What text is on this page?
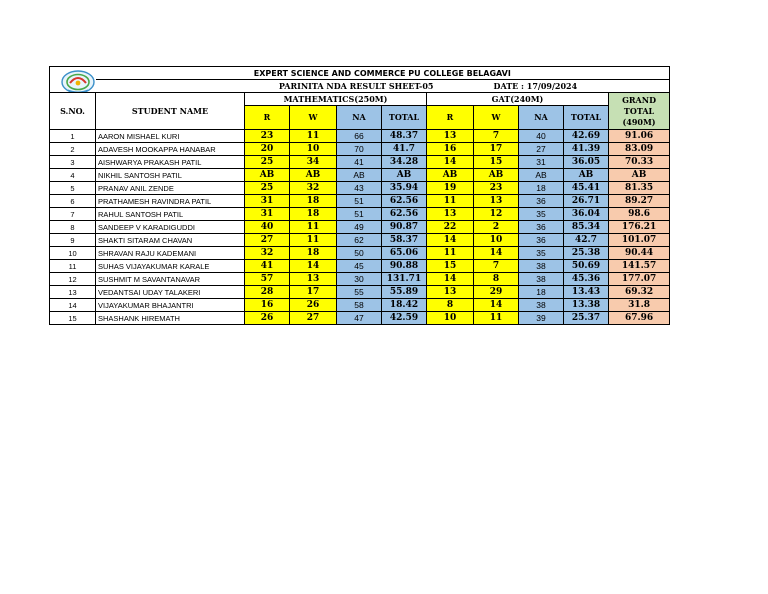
	EXPERT SCIENCE AND COMMERCE PU COLLEGE BELAGAVI									
	PARINITA NDA RESULT SHEET-05						DATE : 17/09/2024			
S.NO.	STUDENT NAME	MATHEMATICS(250M)				GAT(240M)				GRAND TOTAL (490M)
		R	W	NA	TOTAL	R	W	NA	TOTAL	
1	AARON MISHAEL KURI	23	11	66	48.37	13	7	40	42.69	91.06
2	ADAVESH MOOKAPPA HANABAR	20	10	70	41.7	16	17	27	41.39	83.09
3	AISHWARYA PRAKASH PATIL	25	34	41	34.28	14	15	31	36.05	70.33
4	NIKHIL SANTOSH PATIL	AB	AB	AB	AB	AB	AB	AB	AB	AB
5	PRANAV ANIL ZENDE	25	32	43	35.94	19	23	18	45.41	81.35
6	PRATHAMESH RAVINDRA PATIL	31	18	51	62.56	11	13	36	26.71	89.27
7	RAHUL SANTOSH PATIL	31	18	51	62.56	13	12	35	36.04	98.6
8	SANDEEP V KARADIGUDDI	40	11	49	90.87	22	2	36	85.34	176.21
9	SHAKTI SITARAM CHAVAN	27	11	62	58.37	14	10	36	42.7	101.07
10	SHRAVAN RAJU KADEMANI	32	18	50	65.06	11	14	35	25.38	90.44
11	SUHAS VIJAYAKUMAR KARALE	41	14	45	90.88	15	7	38	50.69	141.57
12	SUSHMIT M SAVANTANAVAR	57	13	30	131.71	14	8	38	45.36	177.07
13	VEDANTSAI UDAY TALAKERI	28	17	55	55.89	13	29	18	13.43	69.32
14	VIJAYAKUMAR BHAJANTRI	16	26	58	18.42	8	14	38	13.38	31.8
15	SHASHANK HIREMATH	26	27	47	42.59	10	11	39	25.37	67.96
